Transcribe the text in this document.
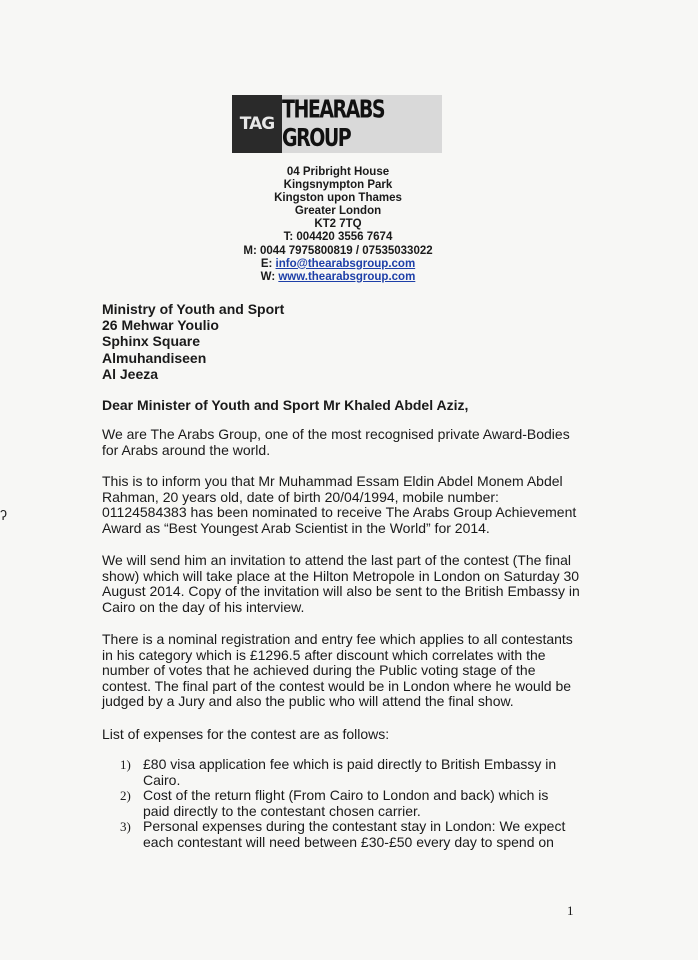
TAG THEARABS GROUP
04 Pribright House
Kingsnympton Park
Kingston upon Thames
Greater London
KT2 7TQ
T: 004420 3556 7674
M: 0044 7975800819 / 07535033022
E: info@thearabsgroup.com
W: www.thearabsgroup.com
Ministry of Youth and Sport
26 Mehwar Youlio
Sphinx Square
Almuhandiseen
Al Jeeza
Dear Minister of Youth and Sport Mr Khaled Abdel Aziz,

We are The Arabs Group, one of the most recognised private Award-Bodies for Arabs around the world.

This is to inform you that Mr Muhammad Essam Eldin Abdel Monem Abdel Rahman, 20 years old, date of birth 20/04/1994, mobile number: 01124584383 has been nominated to receive The Arabs Group Achievement Award as “Best Youngest Arab Scientist in the World” for 2014.

We will send him an invitation to attend the last part of the contest (The final show) which will take place at the Hilton Metropole in London on Saturday 30 August 2014. Copy of the invitation will also be sent to the British Embassy in Cairo on the day of his interview.

There is a nominal registration and entry fee which applies to all contestants in his category which is £1296.5 after discount which correlates with the number of votes that he achieved during the Public voting stage of the contest. The final part of the contest would be in London where he would be judged by a Jury and also the public who will attend the final show.

List of expenses for the contest are as follows:

1) £80 visa application fee which is paid directly to British Embassy in Cairo.
2) Cost of the return flight (From Cairo to London and back) which is paid directly to the contestant chosen carrier.
3) Personal expenses during the contestant stay in London: We expect each contestant will need between £30-£50 every day to spend on
ʔ
1
